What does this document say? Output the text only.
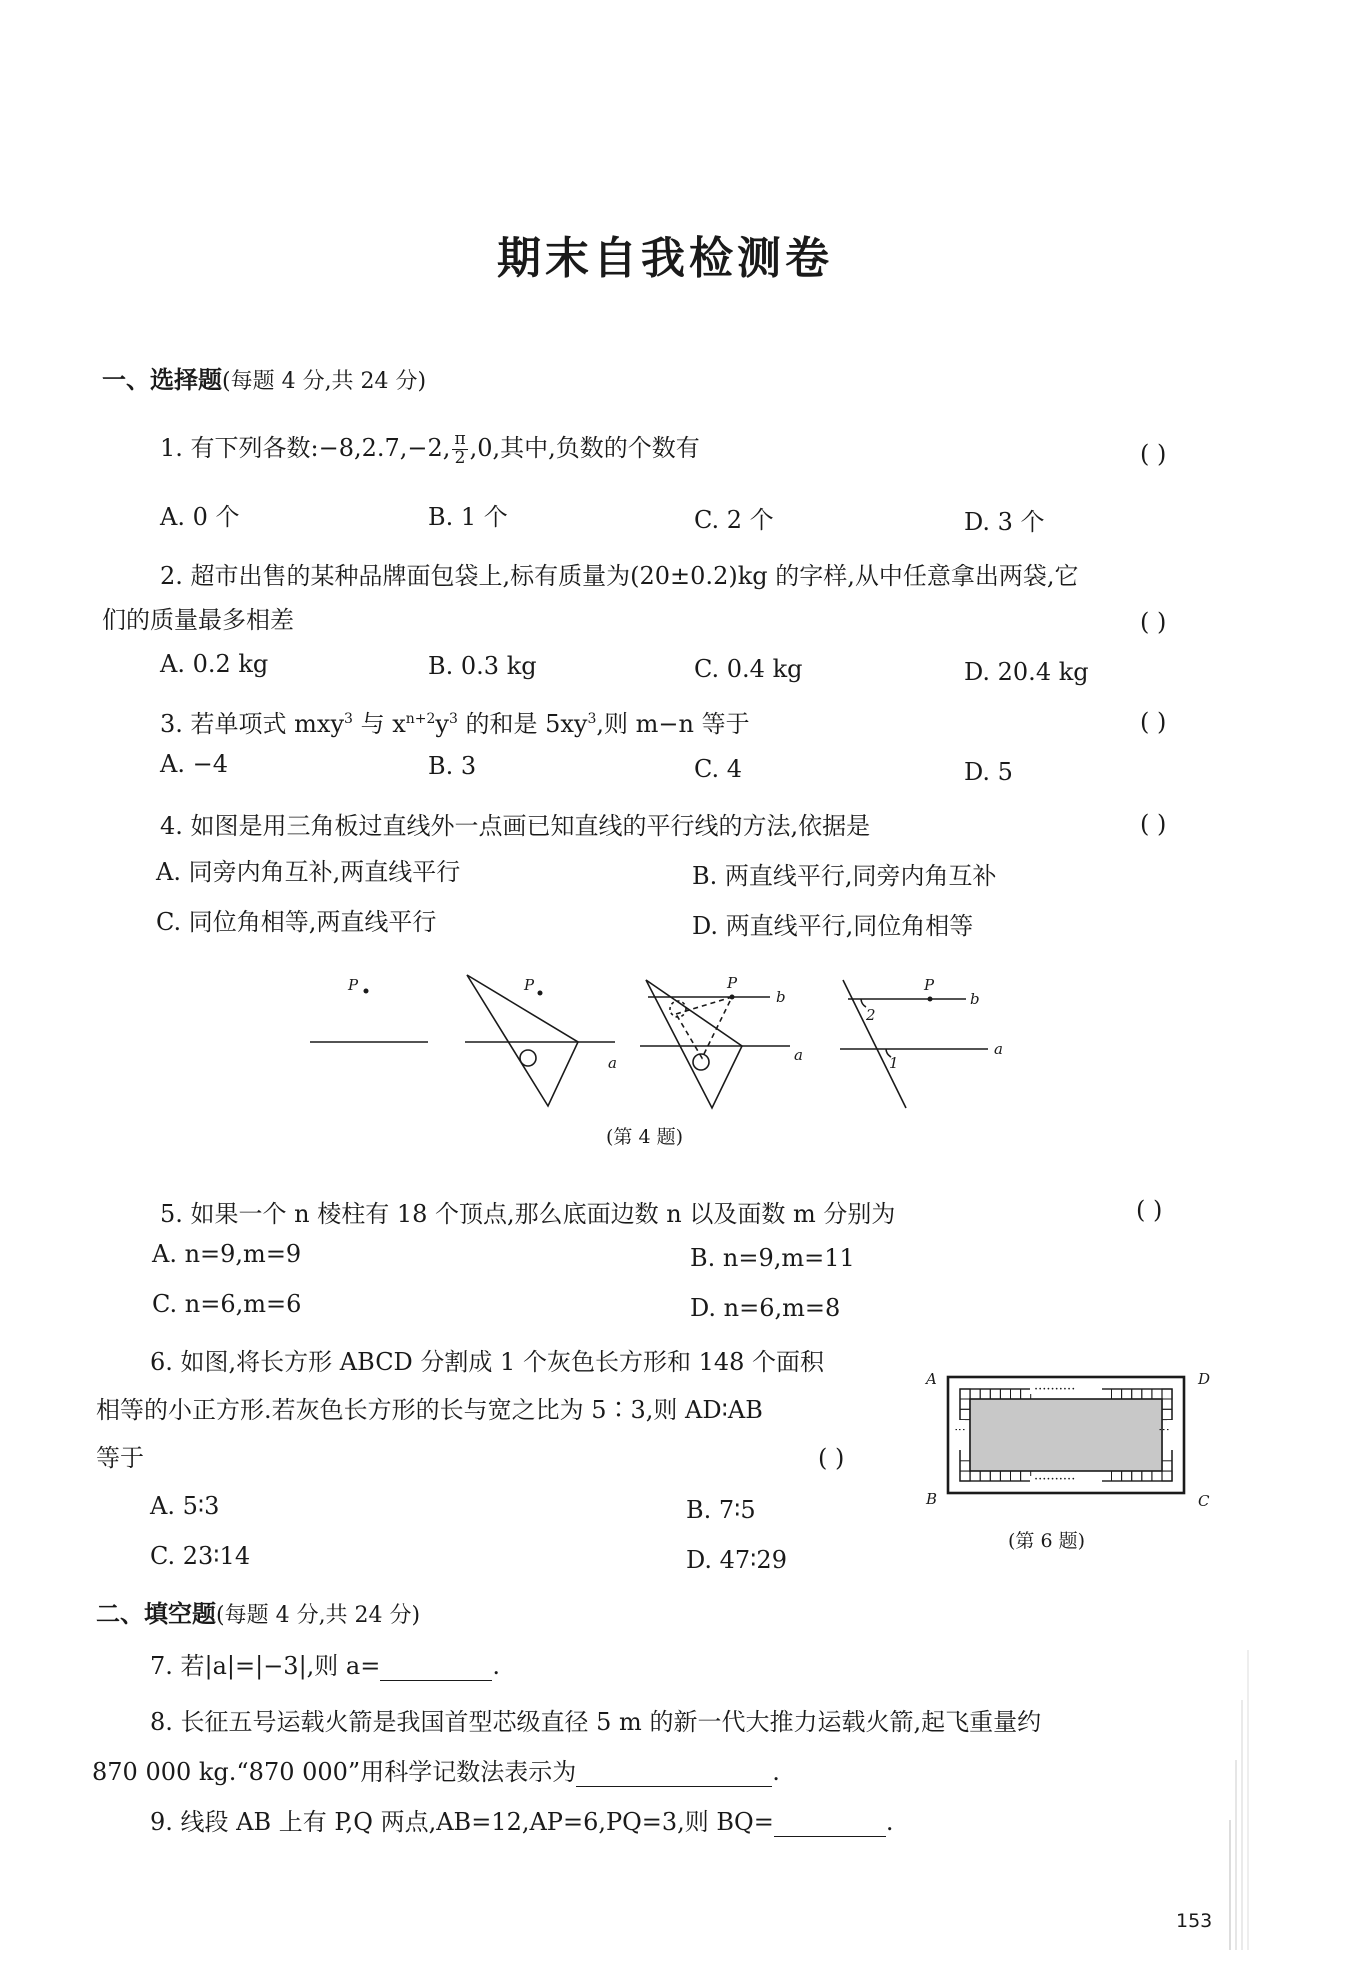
期末自我检测卷
一、选择题(每题 4 分,共 24 分)
1. 有下列各数:−8,2.7,−2, $\frac{\pi}{2} ,0$,其中,负数的个数有	( )
A. 0 个	B. 1 个	C. 2 个	D. 3 个
2. 超市出售的某种品牌面包袋上,标有质量为(20±0.2)kg 的字样,从中任意拿出两袋,它
们的质量最多相差	( )
A. 0.2 kg	B. 0.3 kg	C. 0.4 kg	D. 20.4 kg
3. 若单项式 mxy$^3$ 与 $x^{n+2}y^3$ 的和是 $5xy^3$,则 m−n 等于	( )
A. −4	B. 3	C. 4	D. 5
4. 如图是用三角板过直线外一点画已知直线的平行线的方法,依据是	( )
A. 同旁内角互补,两直线平行	B. 两直线平行,同旁内角互补
C. 同位角相等,两直线平行	D. 两直线平行,同位角相等
P	P
a
P
b
a
P
b
a
2
1
(第 4 题)
5. 如果一个 n 棱柱有 18 个顶点,那么底面边数 n 以及面数 m 分别为	( )
A. n=9,m=9	B. n=9,m=11
C. n=6,m=6	D. n=6,m=8
6. 如图,将长方形 ABCD 分割成 1 个灰色长方形和 148 个面积
相等的小正方形.若灰色长方形的长与宽之比为 5∶3,则 AD∶AB
等于	( )
A. 5∶3	B. 7∶5
C. 23∶14	D. 47∶29
··········
··········
⋮	⋮
A	D
B	C
(第 6 题)
二、填空题(每题 4 分,共 24 分)
7. 若|a|=|−3|,则 a=	.
8. 长征五号运载火箭是我国首型芯级直径 5 m 的新一代大推力运载火箭,起飞重量约
870 000 kg.“870 000”用科学记数法表示为	.
9. 线段 AB 上有 P,Q 两点,AB=12,AP=6,PQ=3,则 BQ=	.
153
